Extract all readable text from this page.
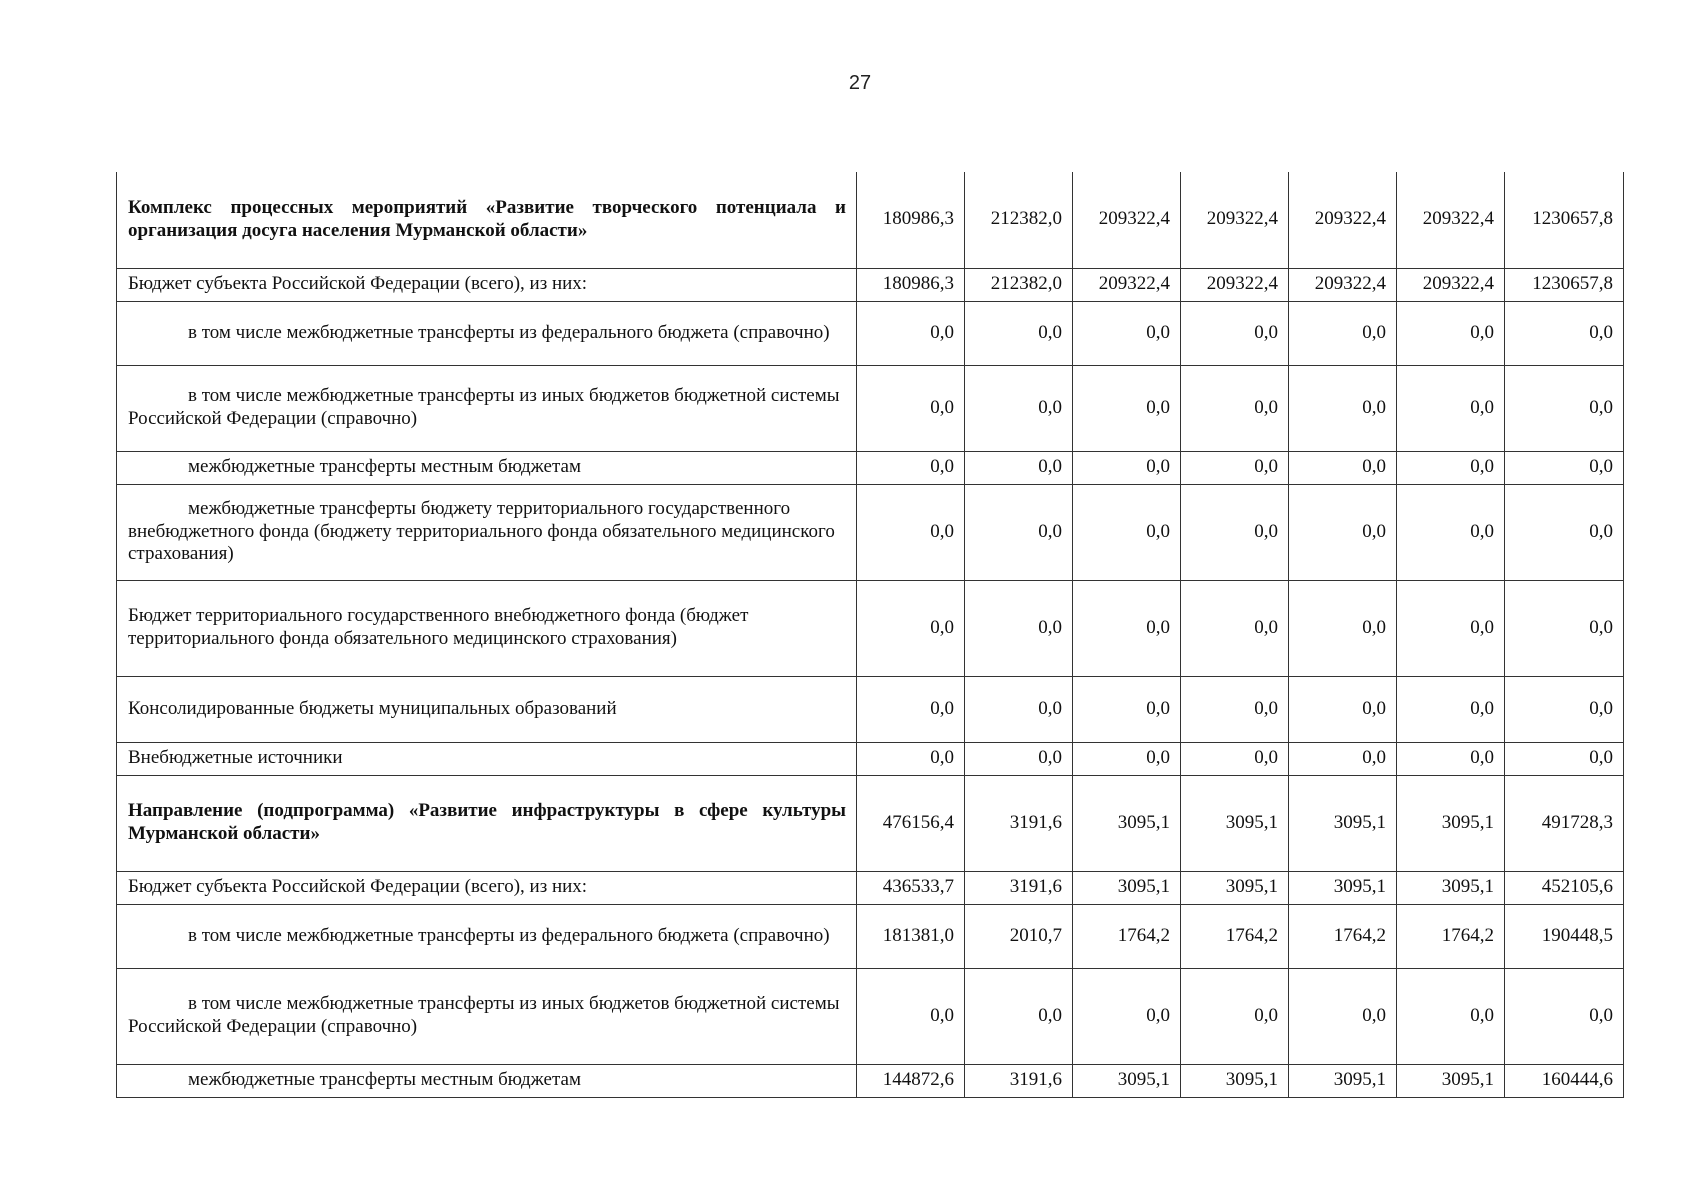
27
Комплекс процессных мероприятий «Развитие творческого потенциала и организация досуга населения Мурманской области»	180986,3	212382,0	209322,4	209322,4	209322,4	209322,4	1230657,8
Бюджет субъекта Российской Федерации (всего), из них:	180986,3	212382,0	209322,4	209322,4	209322,4	209322,4	1230657,8
в том числе межбюджетные трансферты из федерального бюджета (справочно)	0,0	0,0	0,0	0,0	0,0	0,0	0,0
в том числе межбюджетные трансферты из иных бюджетов бюджетной системы Российской Федерации (справочно)	0,0	0,0	0,0	0,0	0,0	0,0	0,0
межбюджетные трансферты местным бюджетам	0,0	0,0	0,0	0,0	0,0	0,0	0,0
межбюджетные трансферты бюджету территориального государственного внебюджетного фонда (бюджету территориального фонда обязательного медицинского страхования)	0,0	0,0	0,0	0,0	0,0	0,0	0,0
Бюджет территориального государственного внебюджетного фонда (бюджет территориального фонда обязательного медицинского страхования)	0,0	0,0	0,0	0,0	0,0	0,0	0,0
Консолидированные бюджеты муниципальных образований	0,0	0,0	0,0	0,0	0,0	0,0	0,0
Внебюджетные источники	0,0	0,0	0,0	0,0	0,0	0,0	0,0
Направление (подпрограмма) «Развитие инфраструктуры в сфере культуры Мурманской области»	476156,4	3191,6	3095,1	3095,1	3095,1	3095,1	491728,3
Бюджет субъекта Российской Федерации (всего), из них:	436533,7	3191,6	3095,1	3095,1	3095,1	3095,1	452105,6
в том числе межбюджетные трансферты из федерального бюджета (справочно)	181381,0	2010,7	1764,2	1764,2	1764,2	1764,2	190448,5
в том числе межбюджетные трансферты из иных бюджетов бюджетной системы Российской Федерации (справочно)	0,0	0,0	0,0	0,0	0,0	0,0	0,0
межбюджетные трансферты местным бюджетам	144872,6	3191,6	3095,1	3095,1	3095,1	3095,1	160444,6
